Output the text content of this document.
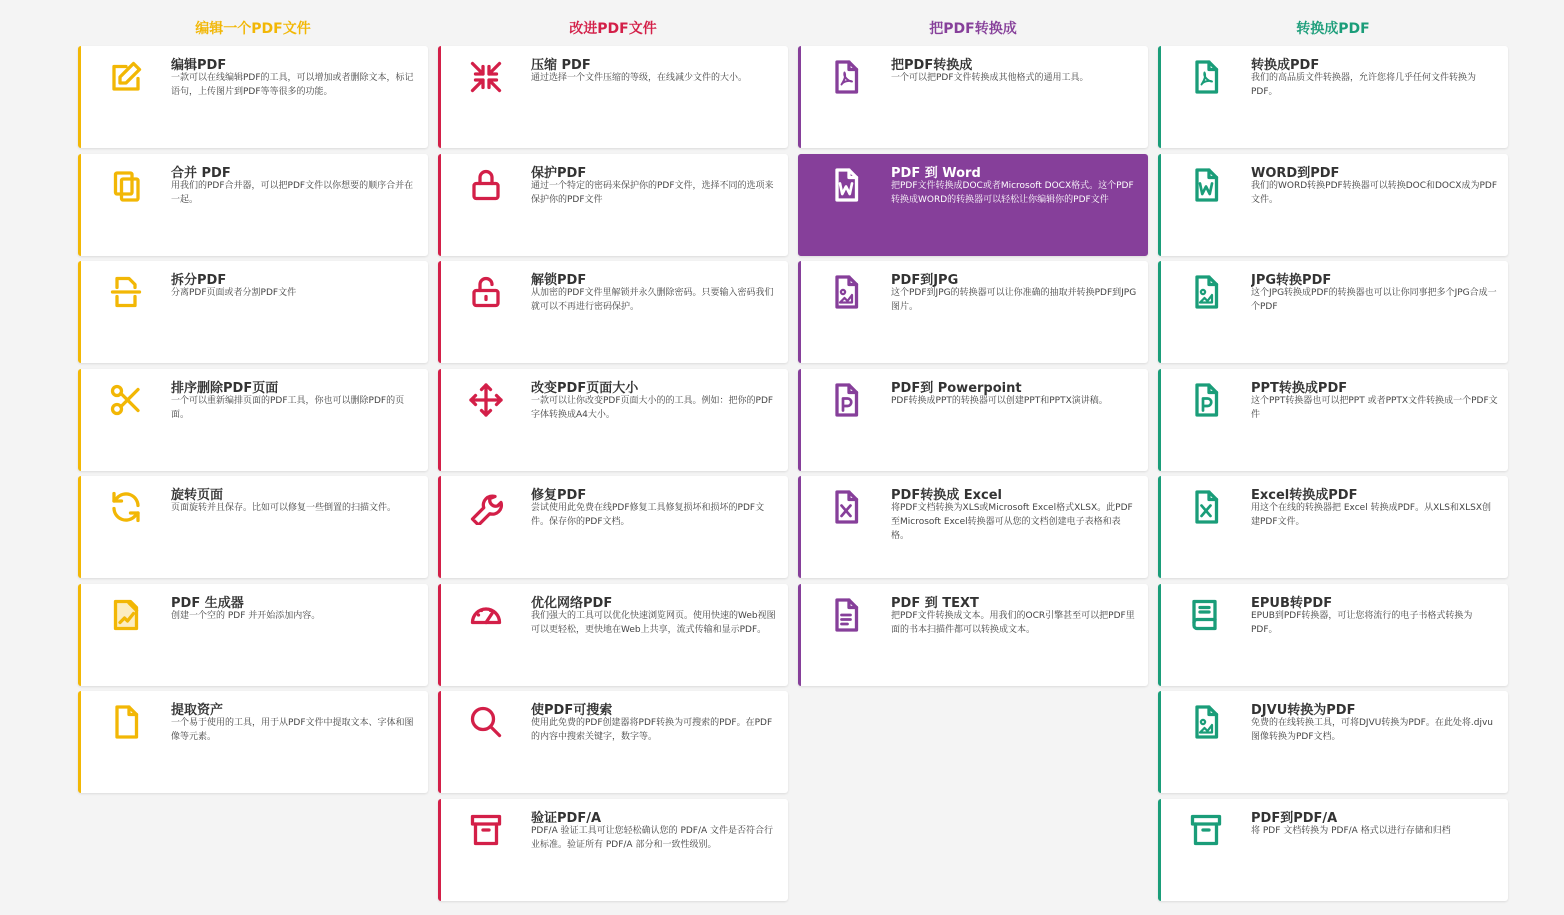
编辑一个PDF文件
编辑PDF
一款可以在线编辑PDF的工具，可以增加或者删除文本，标记语句，上传图片到PDF等等很多的功能。
合并 PDF
用我们的PDF合并器，可以把PDF文件以你想要的顺序合并在一起。
拆分PDF
分离PDF页面或者分割PDF文件
排序删除PDF页面
一个可以重新编排页面的PDF工具，你也可以删除PDF的页面。
旋转页面
页面旋转并且保存。比如可以修复一些倒置的扫描文件。
PDF 生成器
创建一个空的 PDF 并开始添加内容。
提取资产
一个易于使用的工具，用于从PDF文件中提取文本、字体和图像等元素。
改进PDF文件
压缩 PDF
通过选择一个文件压缩的等级，在线减少文件的大小。
保护PDF
通过一个特定的密码来保护你的PDF文件，选择不同的选项来保护你的PDF文件
解锁PDF
从加密的PDF文件里解锁并永久删除密码。只要输入密码我们就可以不再进行密码保护。
改变PDF页面大小
一款可以让你改变PDF页面大小的的工具。例如：把你的PDF字体转换成A4大小。
修复PDF
尝试使用此免费在线PDF修复工具修复损坏和损坏的PDF文件。保存你的PDF文档。
优化网络PDF
我们强大的工具可以优化快速浏览网页。使用快速的Web视图可以更轻松，更快地在Web上共享，流式传输和显示PDF。
使PDF可搜索
使用此免费的PDF创建器将PDF转换为可搜索的PDF。在PDF的内容中搜索关键字，数字等。
验证PDF/A
PDF/A 验证工具可让您轻松确认您的 PDF/A 文件是否符合行业标准。验证所有 PDF/A 部分和一致性级别。
把PDF转换成
把PDF转换成
一个可以把PDF文件转换成其他格式的通用工具。
PDF 到 Word
把PDF文件转换成DOC或者Microsoft DOCX格式。这个PDF转换成WORD的转换器可以轻松让你编辑你的PDF文件
PDF到JPG
这个PDF到JPG的转换器可以让你准确的抽取并转换PDF到JPG图片。
PDF到 Powerpoint
PDF转换成PPT的转换器可以创建PPT和PPTX演讲稿。
PDF转换成 Excel
将PDF文档转换为XLS或Microsoft Excel格式XLSX。此PDF至Microsoft Excel转换器可从您的文档创建电子表格和表格。
PDF 到 TEXT
把PDF文件转换成文本。用我们的OCR引擎甚至可以把PDF里面的书本扫描件都可以转换成文本。
转换成PDF
转换成PDF
我们的高品质文件转换器，允许您将几乎任何文件转换为PDF。
WORD到PDF
我们的WORD转换PDF转换器可以转换DOC和DOCX成为PDF文件。
JPG转换PDF
这个JPG转换成PDF的转换器也可以让你同事把多个JPG合成一个PDF
PPT转换成PDF
这个PPT转换器也可以把PPT 或者PPTX文件转换成一个PDF文件
Excel转换成PDF
用这个在线的转换器把 Excel 转换成PDF。从XLS和XLSX创建PDF文件。
EPUB转PDF
EPUB到PDF转换器，可让您将流行的电子书格式转换为PDF。
DJVU转换为PDF
免费的在线转换工具，可将DJVU转换为PDF。在此处将.djvu图像转换为PDF文档。
PDF到PDF/A
将 PDF 文档转换为 PDF/A 格式以进行存储和归档
